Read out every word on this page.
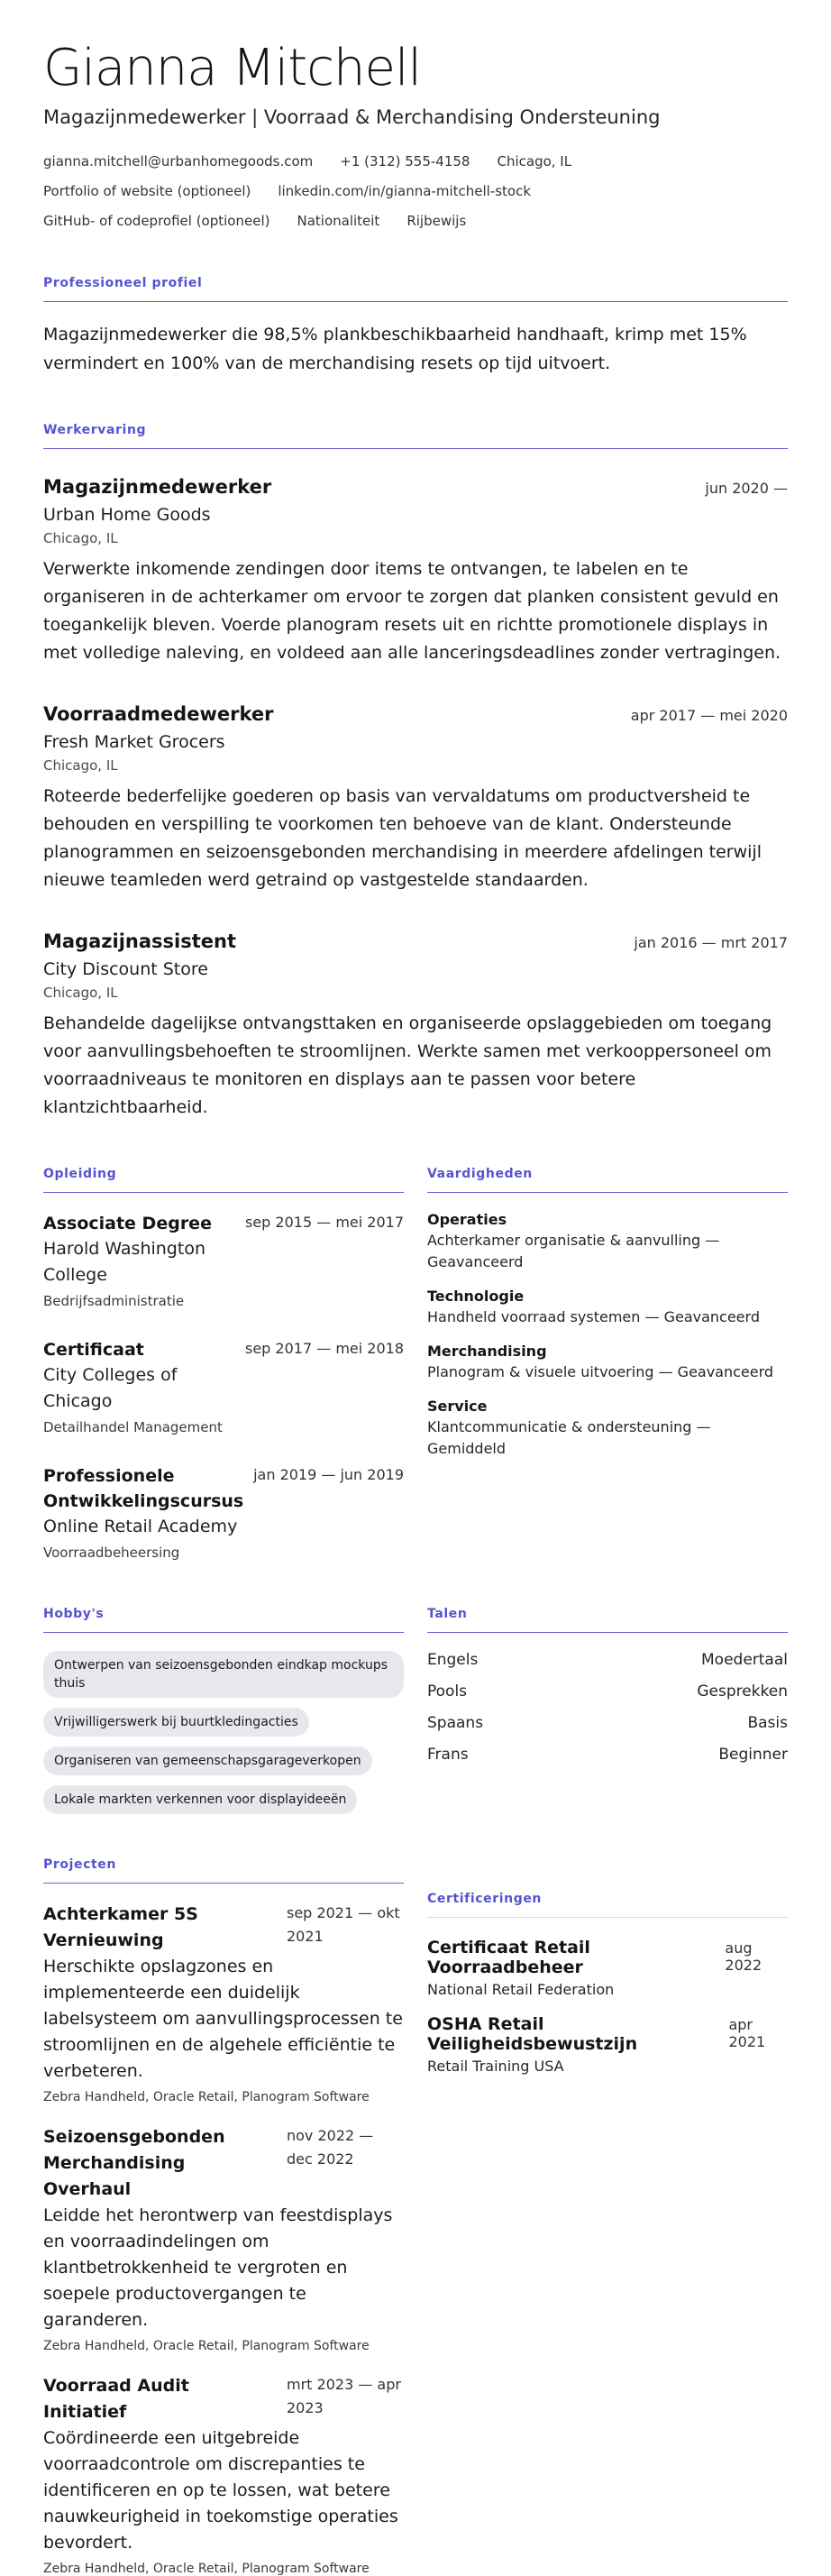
Gianna Mitchell
Magazijnmedewerker | Voorraad & Merchandising Ondersteuning
gianna.mitchell@urbanhomegoods.com +1 (312) 555-4158 Chicago, IL
Portfolio of website (optioneel) linkedin.com/in/gianna-mitchell-stock
GitHub- of codeprofiel (optioneel) Nationaliteit Rijbewijs
Professioneel profiel

Magazijnmedewerker die 98,5% plankbeschikbaarheid handhaaft, krimp met 15% vermindert en 100% van de merchandising resets op tijd uitvoert.

Werkervaring
Magazijnmedewerker	jun 2020 —
Urban Home Goods
Chicago, IL

Verwerkte inkomende zendingen door items te ontvangen, te labelen en te organiseren in de achterkamer om ervoor te zorgen dat planken consistent gevuld en toegankelijk bleven. Voerde planogram resets uit en richtte promotionele displays in met volledige naleving, en voldeed aan alle lanceringsdeadlines zonder vertragingen.

Voorraadmedewerker	apr 2017 — mei 2020
Fresh Market Grocers
Chicago, IL

Roteerde bederfelijke goederen op basis van vervaldatums om productversheid te behouden en verspilling te voorkomen ten behoeve van de klant. Ondersteunde planogrammen en seizoensgebonden merchandising in meerdere afdelingen terwijl nieuwe teamleden werd getraind op vastgestelde standaarden.

Magazijnassistent	jan 2016 — mrt 2017
City Discount Store
Chicago, IL

Behandelde dagelijkse ontvangsttaken en organiseerde opslaggebieden om toegang voor aanvullingsbehoeften te stroomlijnen. Werkte samen met verkooppersoneel om voorraadniveaus te monitoren en displays aan te passen voor betere klantzichtbaarheid.

Opleiding
Associate Degree
Harold Washington College
Bedrijfsadministratie
sep 2015 — mei 2017
Certificaat
City Colleges of Chicago
Detailhandel Management
sep 2017 — mei 2018
Professionele Ontwikkelingscursus
Online Retail Academy
Voorraadbeheersing
jan 2019 — jun 2019
Vaardigheden
Operaties
Achterkamer organisatie & aanvulling — Geavanceerd
Technologie
Handheld voorraad systemen — Geavanceerd
Merchandising
Planogram & visuele uitvoering — Geavanceerd
Service
Klantcommunicatie & ondersteuning — Gemiddeld
Hobby's
Ontwerpen van seizoensgebonden eindkap mockups thuis
Vrijwilligerswerk bij buurtkledingacties
Organiseren van gemeenschapsgarageverkopen
Lokale markten verkennen voor displayideeën
Talen
Engels	Moedertaal
Pools	Gesprekken
Spaans	Basis
Frans	Beginner
Projecten
Achterkamer 5S Vernieuwing
sep 2021 — okt 2021

Herschikte opslagzones en implementeerde een duidelijk labelsysteem om aanvullingsprocessen te stroomlijnen en de algehele efficiëntie te verbeteren.

Zebra Handheld, Oracle Retail, Planogram Software
Seizoensgebonden Merchandising Overhaul
nov 2022 — dec 2022

Leidde het herontwerp van feestdisplays en voorraadindelingen om klantbetrokkenheid te vergroten en soepele productovergangen te garanderen.

Zebra Handheld, Oracle Retail, Planogram Software
Voorraad Audit Initiatief
mrt 2023 — apr 2023

Coördineerde een uitgebreide voorraadcontrole om discrepanties te identificeren en op te lossen, wat betere nauwkeurigheid in toekomstige operaties bevordert.

Zebra Handheld, Oracle Retail, Planogram Software
Certificeringen
Certificaat Retail Voorraadbeheer
aug 2022
National Retail Federation
OSHA Retail Veiligheidsbewustzijn
apr 2021
Retail Training USA
